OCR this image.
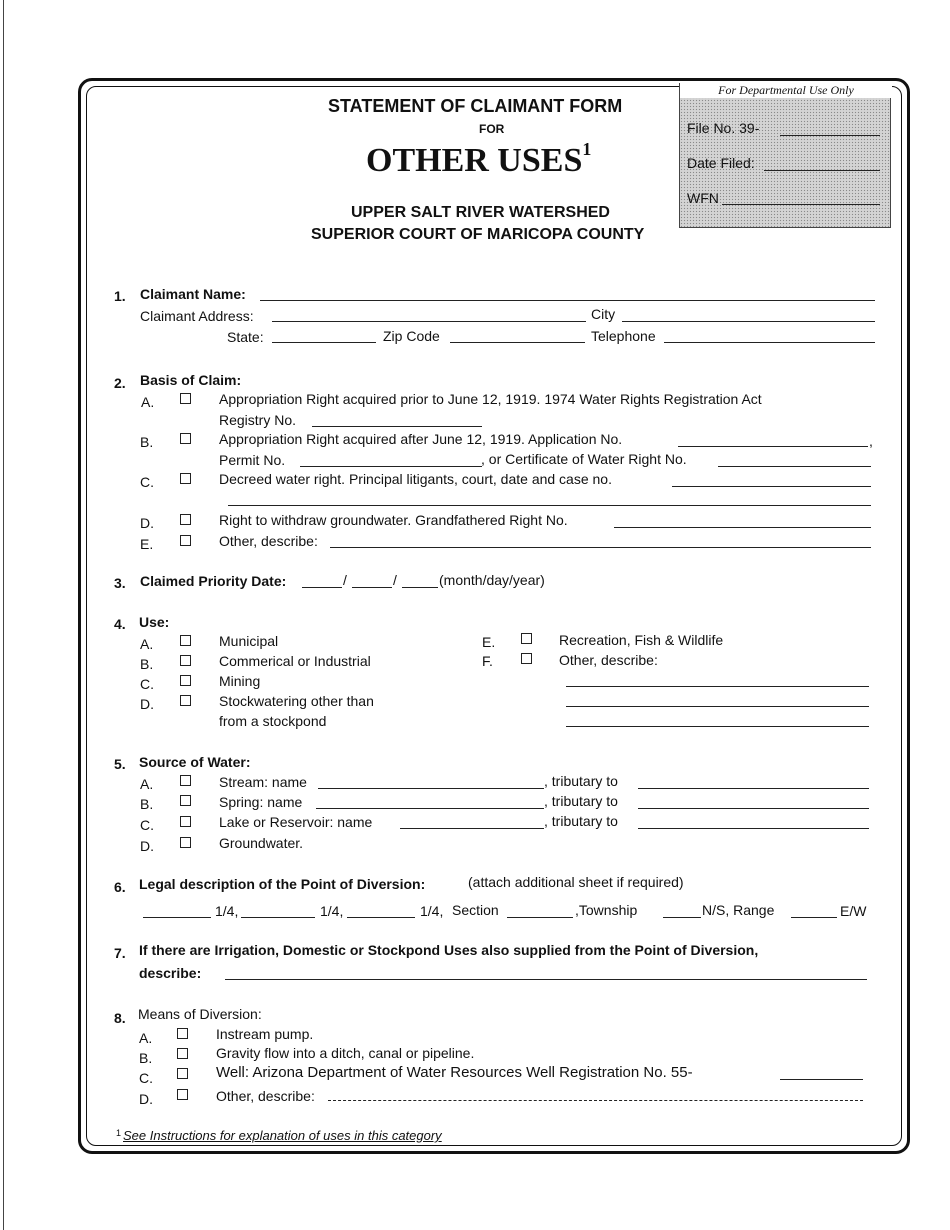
STATEMENT OF CLAIMANT FORM
FOR
OTHER USES$^1$
UPPER SALT RIVER WATERSHED
SUPERIOR COURT OF MARICOPA COUNTY
For Departmental Use Only
File No. 39-
Date Filed:
WFN
1. Claimant Name:
Claimant Address:	City
State:	Zip Code	Telephone
2. Basis of Claim:
A.	Appropriation Right acquired prior to June 12, 1919. 1974 Water Rights Registration Act
Registry No.
B.	Appropriation Right acquired after June 12, 1919. Application No.	,
Permit No.	, or Certificate of Water Right No.
C.	Decreed water right. Principal litigants, court, date and case no.
D.	Right to withdraw groundwater. Grandfathered Right No.
E.	Other, describe:
3. Claimed Priority Date:	/	/	(month/day/year)
4. Use:
A.	Municipal
B.	Commerical or Industrial
C.	Mining
D.	Stockwatering other than
from a stockpond
E.	Recreation, Fish & Wildlife
F.	Other, describe:
5. Source of Water:
A.	Stream: name	, tributary to
B.	Spring: name	, tributary to
C.	Lake or Reservoir: name	, tributary to
D.	Groundwater.
6. Legal description of the Point of Diversion:	(attach additional sheet if required)
1/4,	1/4,	1/4, Section	,Township	N/S, Range	E/W
7. If there are Irrigation, Domestic or Stockpond Uses also supplied from the Point of Diversion,
describe:
8. Means of Diversion:
A.	Instream pump.
B.	Gravity flow into a ditch, canal or pipeline.
C.	Well: Arizona Department of Water Resources Well Registration No. 55-
D.	Other, describe:
1 See Instructions for explanation of uses in this category
